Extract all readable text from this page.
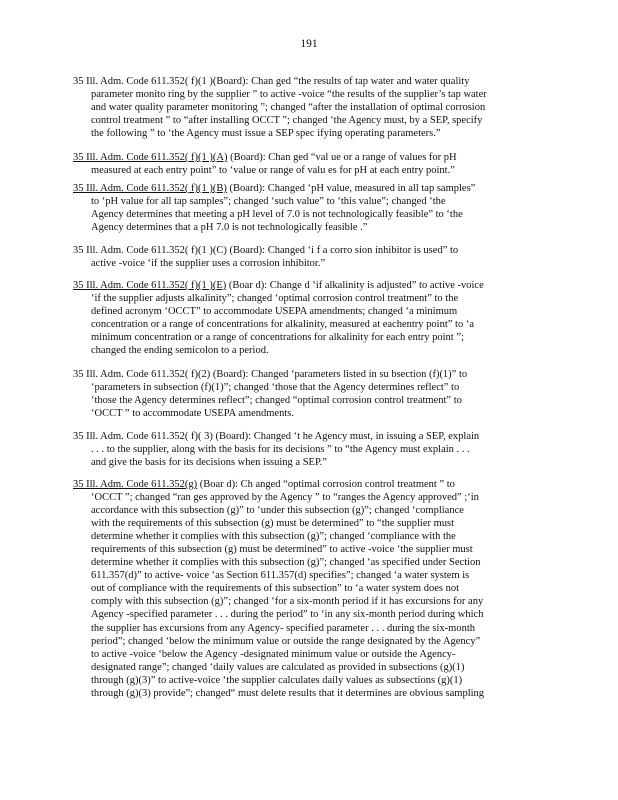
191
35 Ill. Adm. Code 611.352( f)(1 )(Board): Chan ged “the results of tap water and water quality
parameter monito ring by the supplier ” to active -voice “the results of the supplier’s tap water
and water quality parameter monitoring ”; changed “after the installation of optimal corrosion
control treatment ” to “after installing OCCT ”; changed ‘the Agency must, by a SEP, specify
the following ” to ‘the Agency must issue a SEP spec ifying operating parameters.”
35 Ill. Adm. Code 611.352( f)(1 )(A) (Board): Chan ged “val ue or a range of values for pH
measured at each entry point” to ‘value or range of valu es for pH at each entry point.”
35 Ill. Adm. Code 611.352( f)(1 )(B) (Board): Changed ‘pH value, measured in all tap samples”
to ‘pH value for all tap samples”; changed ‘such value” to ‘this value”; changed ‘the
Agency determines that meeting a pH level of 7.0 is not technologically feasible” to ‘the
Agency determines that a pH 7.0 is not technologically feasible .”
35 Ill. Adm. Code 611.352( f)(1 )(C) (Board): Changed ‘i f a corro sion inhibitor is used” to
active -voice ‘if the supplier uses a corrosion inhibitor.”
35 Ill. Adm. Code 611.352( f)(1 )(E) (Boar d): Change d ‘if alkalinity is adjusted” to active -voice
‘if the supplier adjusts alkalinity”; changed ‘optimal corrosion control treatment” to the
defined acronym ‘OCCT” to accommodate USEPA amendments; changed ‘a minimum
concentration or a range of concentrations for alkalinity, measured at eachentry point” to ‘a
minimum concentration or a range of concentrations for alkalinity for each entry point ”;
changed the ending semicolon to a period.
35 Ill. Adm. Code 611.352( f)(2) (Board): Changed ‘parameters listed in su bsection (f)(1)” to
‘parameters in subsection (f)(1)”; changed ‘those that the Agency determines reflect” to
‘those the Agency determines reflect”; changed “optimal corrosion control treatment” to
‘OCCT ” to accommodate USEPA amendments.
35 Ill. Adm. Code 611.352( f)( 3) (Board): Changed ‘t he Agency must, in issuing a SEP, explain
. . . to the supplier, along with the basis for its decisions ” to “the Agency must explain . . .
and give the basis for its decisions when issuing a SEP.”
35 Ill. Adm. Code 611.352(g) (Boar d): Ch anged “optimal corrosion control treatment ” to
‘OCCT ”; changed “ran ges approved by the Agency ” to “ranges the Agency approved” ;‘in
accordance with this subsection (g)” to ‘under this subsection (g)”; changed ‘compliance
with the requirements of this subsection (g) must be determined” to “the supplier must
determine whether it complies with this subsection (g)”; changed ‘compliance with the
requirements of this subsection (g) must be determined” to active -voice ‘the supplier must
determine whether it complies with this subsection (g)”; changed ‘as specified under Section
611.357(d)” to active- voice ‘as Section 611.357(d) specifies”; changed ‘a water system is
out of compliance with the requirements of this subsection” to ‘a water system does not
comply with this subsection (g)”; changed ‘for a six-month period if it has excursions for any
Agency -specified parameter . . . during the period” to ‘in any six-month period during which
the supplier has excursions from any Agency- specified parameter . . . during the six-month
period”; changed ‘below the minimum value or outside the range designated by the Agency”
to active -voice ‘below the Agency -designated minimum value or outside the Agency-
designated range”; changed ‘daily values are calculated as provided in subsections (g)(1)
through (g)(3)” to active-voice ‘the supplier calculates daily values as subsections (g)(1)
through (g)(3) provide”; changed“ must delete results that it determines are obvious sampling
